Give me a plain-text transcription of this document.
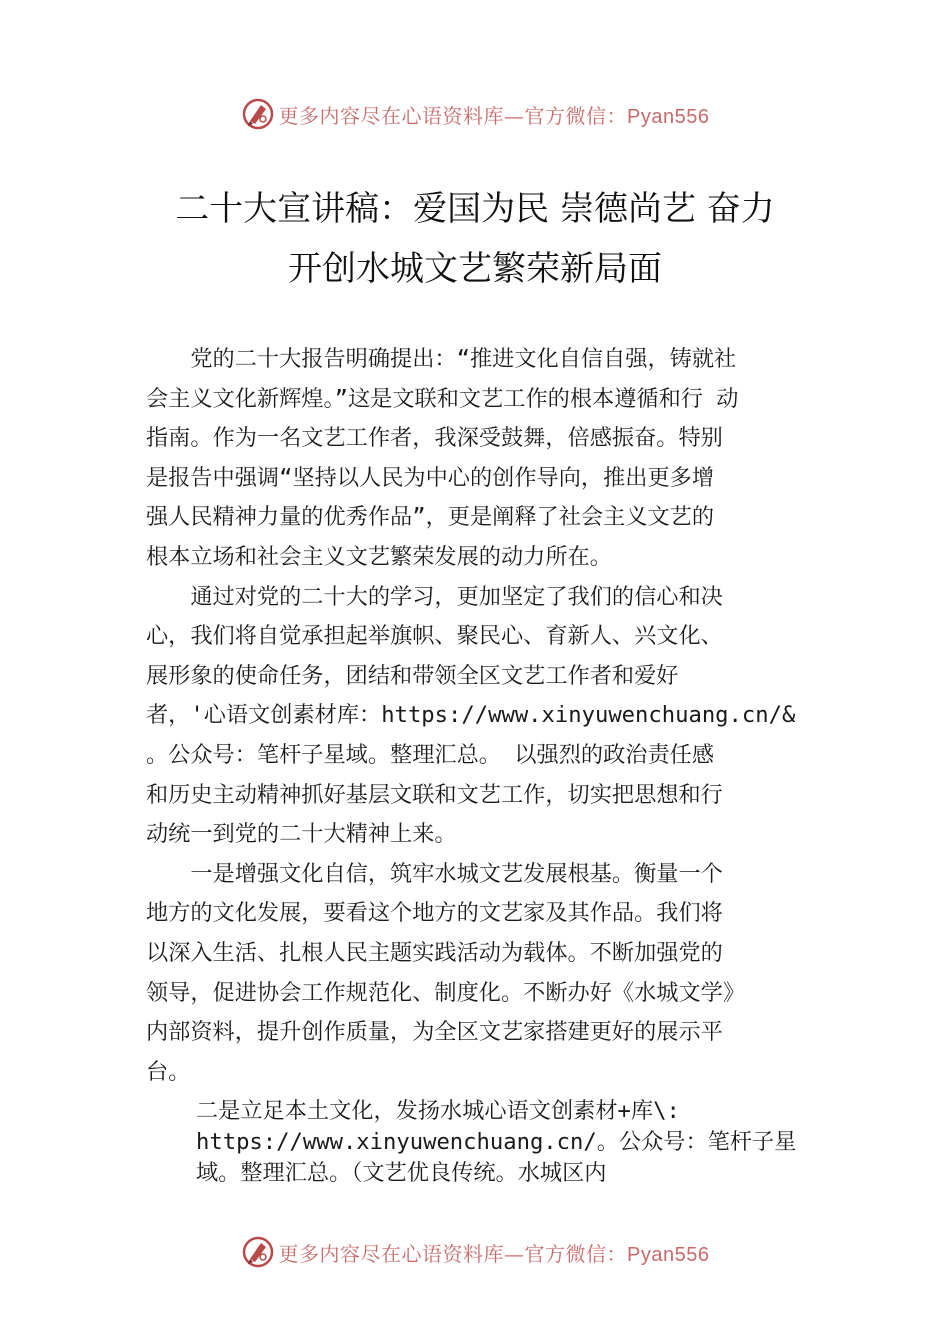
更多内容尽在心语资料库—官方微信：Pyan556
二十大宣讲稿：爱国为民 崇德尚艺 奋力
开创水城文艺繁荣新局面
　　党的二十大报告明确提出：“推进文化自信自强，铸就社
会主义文化新辉煌。”这是文联和文艺工作的根本遵循和行 动
指南。作为一名文艺工作者，我深受鼓舞，倍感振奋。特别
是报告中强调“坚持以人民为中心的创作导向，推出更多增
强人民精神力量的优秀作品”，更是阐释了社会主义文艺的
根本立场和社会主义文艺繁荣发展的动力所在。
　　通过对党的二十大的学习，更加坚定了我们的信心和决
心，我们将自觉承担起举旗帜、聚民心、育新人、兴文化、
展形象的使命任务，团结和带领全区文艺工作者和爱好
者，'心语文创素材库：https://www.xinyuwenchuang.cn/&
。公众号：笔杆子星域。整理汇总。 以强烈的政治责任感
和历史主动精神抓好基层文联和文艺工作，切实把思想和行
动统一到党的二十大精神上来。
　　一是增强文化自信，筑牢水城文艺发展根基。衡量一个
地方的文化发展，要看这个地方的文艺家及其作品。我们将
以深入生活、扎根人民主题实践活动为载体。不断加强党的
领导，促进协会工作规范化、制度化。不断办好《水城文学》
内部资料，提升创作质量，为全区文艺家搭建更好的展示平
台。
二是立足本土文化，发扬水城心语文创素材+库\:
https://www.xinyuwenchuang.cn/。公众号：笔杆子星
域。整理汇总。（文艺优良传统。水城区内
更多内容尽在心语资料库—官方微信：Pyan556
